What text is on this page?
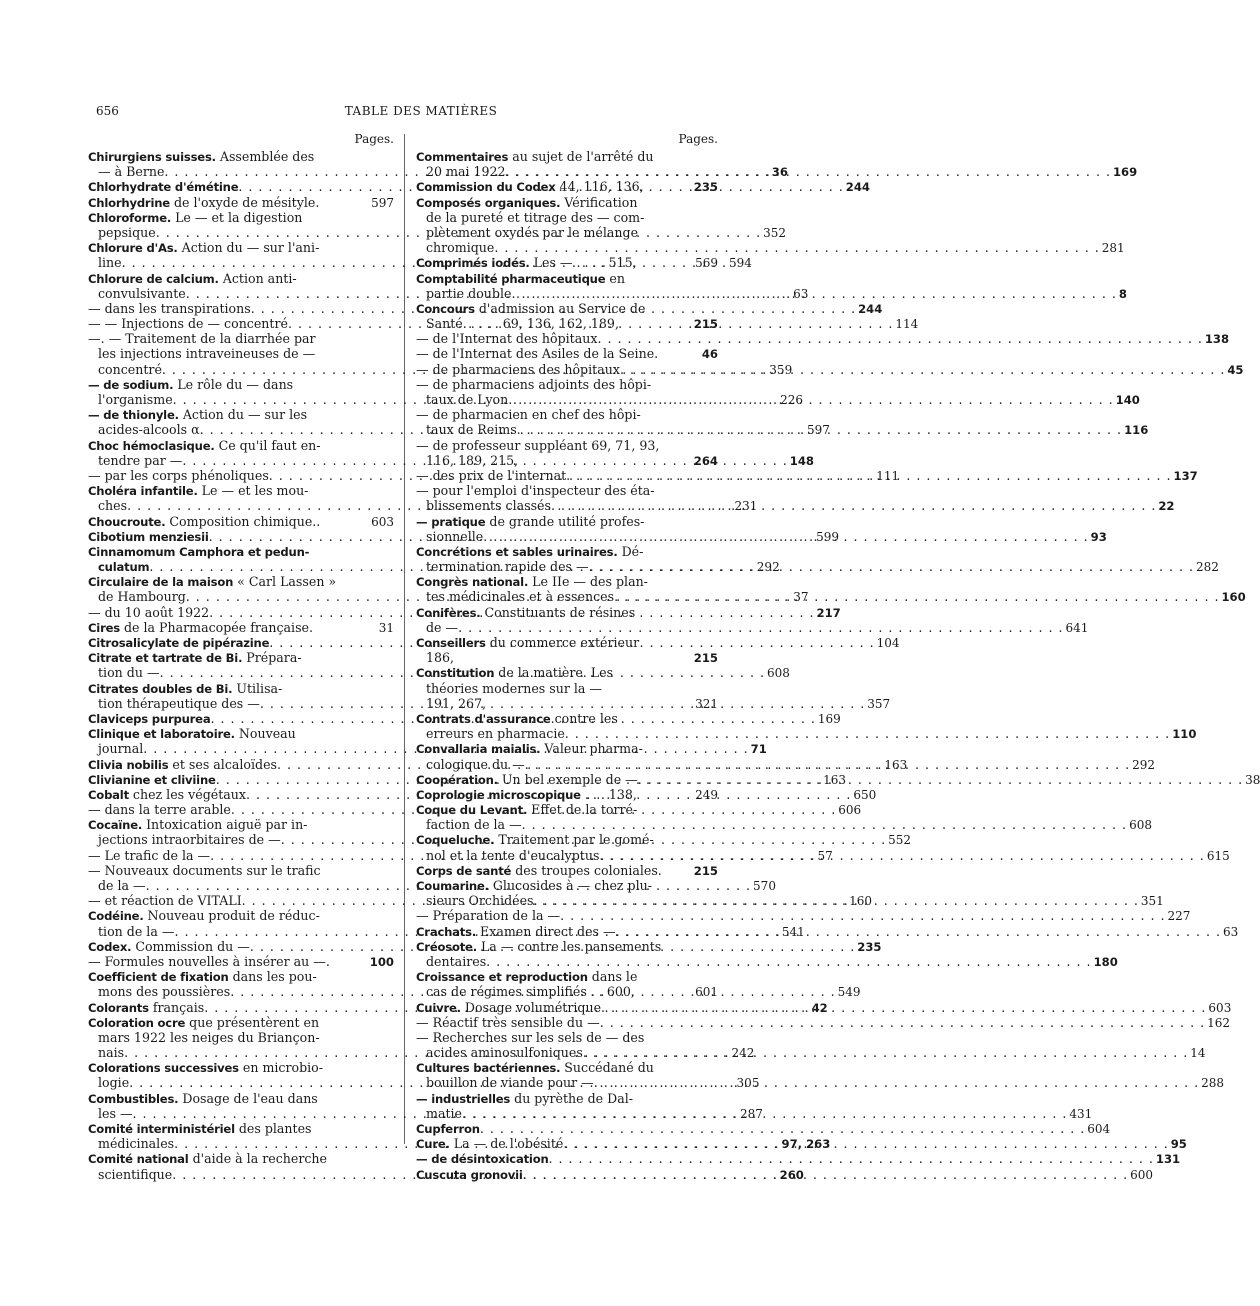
656	TABLE DES MATIÈRES
Pages.
Chirurgiens suisses. Assemblée des
— à Berne . . .	36
Chlorhydrate d'émétine . . .	244
Chlorhydrine de l'oxyde de mésityle.	597
Chloroforme. Le — et la digestion
pepsique . . .	352
Chlorure d'As. Action du — sur l'ani-
line . . .	594
Chlorure de calcium. Action anti-
convulsivante . . .	63
— dans les transpirations . . .	244
— — Injections de — concentré . . .	114
—. — Traitement de la diarrhée par
les injections intraveineuses de —
concentré . . .	359
— de sodium. Le rôle du — dans
l'organisme . . .	226
— de thionyle. Action du — sur les
acides-alcools α . . .	597
Choc hémoclasique. Ce qu'il faut en-
tendre par — . . .	148
— par les corps phénoliques . . .	111
Choléra infantile. Le — et les mou-
ches . . .	231
Choucroute. Composition chimique..	603
Cibotium menziesii . . .	599
Cinnamomum Camphora et pedun-
culatum . . .	292
Circulaire de la maison « Carl Lassen »
de Hambourg . . .	37
— du 10 août 1922 . . .	217
Cires de la Pharmacopée française.	31
Citrosalicylate de pipérazine . . .	104
Citrate et tartrate de Bi. Prépara-
tion du — . . .	608
Citrates doubles de Bi. Utilisa-
tion thérapeutique des — . . .	357
Claviceps purpurea . . .	169
Clinique et laboratoire. Nouveau
journal . . .	71
Clivia nobilis et ses alcaloïdes . . .	163
Clivianine et cliviine . . .	163
Cobalt chez les végétaux . . .	650
— dans la terre arable . . .	606
Cocaïne. Intoxication aiguë par in-
jections intraorbitaires de — . . .	552
— Le trafic de la — . . .	57
— Nouveaux documents sur le trafic
de la — . . .	570
— et réaction de VITALI . . .	160
Codéine. Nouveau produit de réduc-
tion de la — . . .	541
Codex. Commission du — . . .	235
— Formules nouvelles à insérer au —.	100
Coefficient de fixation dans les pou-
mons des poussières . . .	549
Colorants français . . .	42
Coloration ocre que présentèrent en
mars 1922 les neiges du Briançon-
nais . . .	242
Colorations successives en microbio-
logie . . .	305
Combustibles. Dosage de l'eau dans
les — . . .	287
Comité interministériel des plantes
médicinales . . .	97, 263
Comité national d'aide à la recherche
scientifique . . .	260
Pages.
Commentaires au sujet de l'arrêté du
20 mai 1922 . . .	169
Commission du Codex 44, 116, 136,	235
Composés organiques. Vérification
de la pureté et titrage des — com-
plètement oxydés par le mélange
chromique . . .	281
Comprimés iodés. Les — . . . . 515,	569
Comptabilité pharmaceutique en
partie double . . .	8
Concours d'admission au Service de
Santé. . . . . 69, 136, 162, 189,	215
— de l'Internat des hôpitaux . . .	138
— de l'Internat des Asiles de la Seine.	46
— de pharmaciens des hôpitaux . . .	45
— de pharmaciens adjoints des hôpi-
taux de Lyon . . .	140
— de pharmacien en chef des hôpi-
taux de Reims . . .	116
— de professeur suppléant 69, 71, 93,
116, 189, 215,	264
— des prix de l'internat . . .	137
— pour l'emploi d'inspecteur des éta-
blissements classés . . .	22
— pratique de grande utilité profes-
sionnelle . . .	93
Concrétions et sables urinaires. Dé-
termination rapide des — . . .	282
Congrès national. Le IIe — des plan-
tes médicinales et à essences . . .	160
Conifères. Constituants de résines
de — . . .	641
Conseillers du commerce extérieur
186,	215
Constitution de la matière. Les
théories modernes sur la —
191, 267,	321
Contrats d'assurance contre les
erreurs en pharmacie . . .	110
Convallaria maialis. Valeur pharma-
cologique du — . . .	292
Coopération. Un bel exemple de — . . .	38
Coprologie microscopique . . . 138,	249
Coque du Levant. Effet de la torré-
faction de la — . . .	608
Coqueluche. Traitement par le gomé-
nol et la tente d'eucalyptus . . .	615
Corps de santé des troupes coloniales.	215
Coumarine. Glucosides à — chez plu-
sieurs Orchidées . . .	351
— Préparation de la — . . .	227
Crachats. Examen direct des — . . .	63
Créosote. La — contre les pansements
dentaires . . .	180
Croissance et reproduction dans le
cas de régimes simplifiés . . 600,	601
Cuivre. Dosage volumétrique . . .	603
— Réactif très sensible du — . . .	162
— Recherches sur les sels de — des
acides aminosulfoniques . . .	14
Cultures bactériennes. Succédané du
bouillon de viande pour — . . .	288
— industrielles du pyrèthe de Dal-
matie . . .	431
Cupferron . . .	604
Cure. La — de l'obésité . . .	95
— de désintoxication . . .	131
Cuscuta gronovii . . .	600
